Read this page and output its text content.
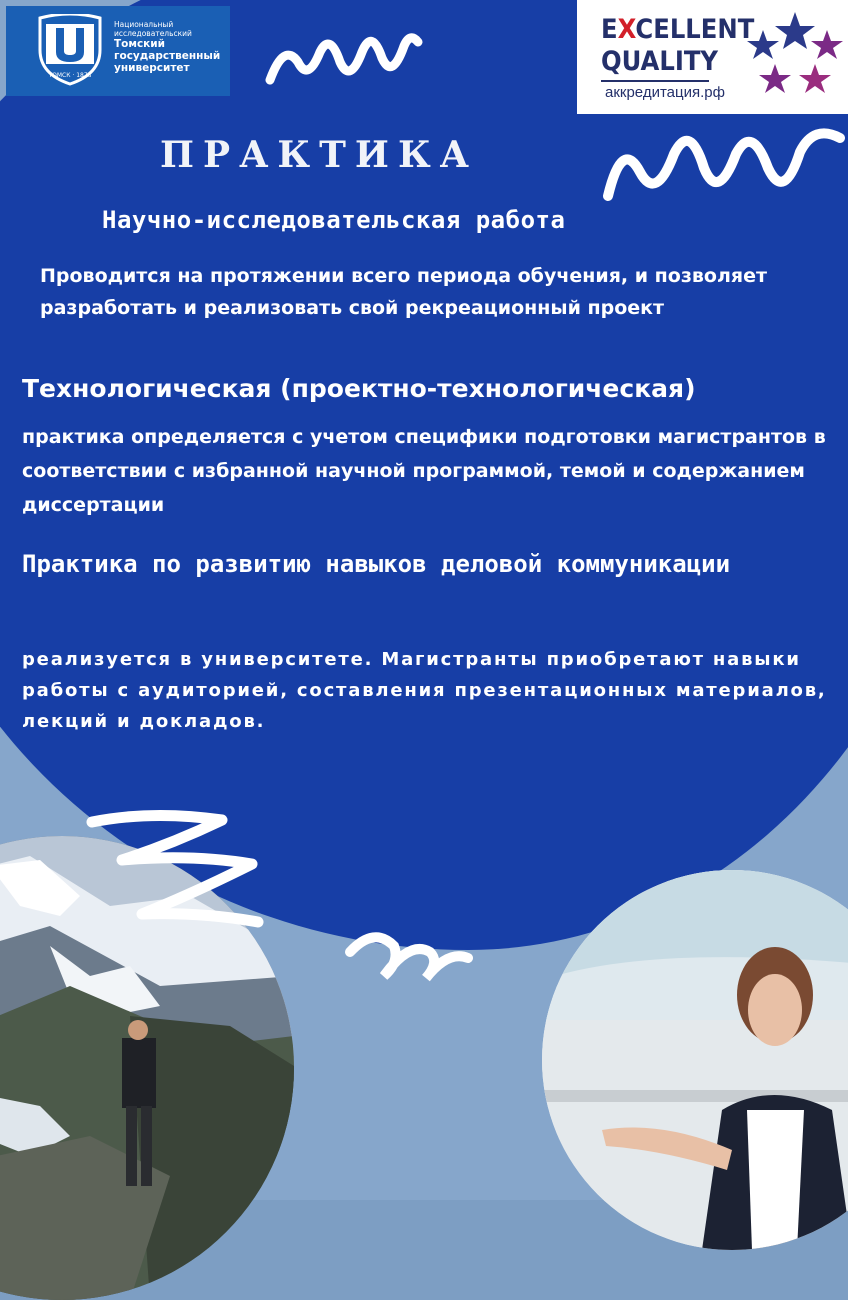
ТОМСК · 1878
Национальный
исследовательский
Томский
государственный
университет
EXCELLENT
QUALITY
аккредитация.рф
ПРАКТИКА
Научно-исследовательская работа

Проводится на протяжении всего периода обучения, и позволяет разработать и реализовать свой рекреационный проект

Технологическая (проектно-технологическая)

практика определяется с учетом специфики подготовки магистрантов в соответствии с избранной научной программой, темой и содержанием диссертации

Практика по развитию навыков деловой коммуникации

реализуется в университете. Магистранты приобретают навыки работы с аудиторией, составления презентационных материалов, лекций и докладов.
